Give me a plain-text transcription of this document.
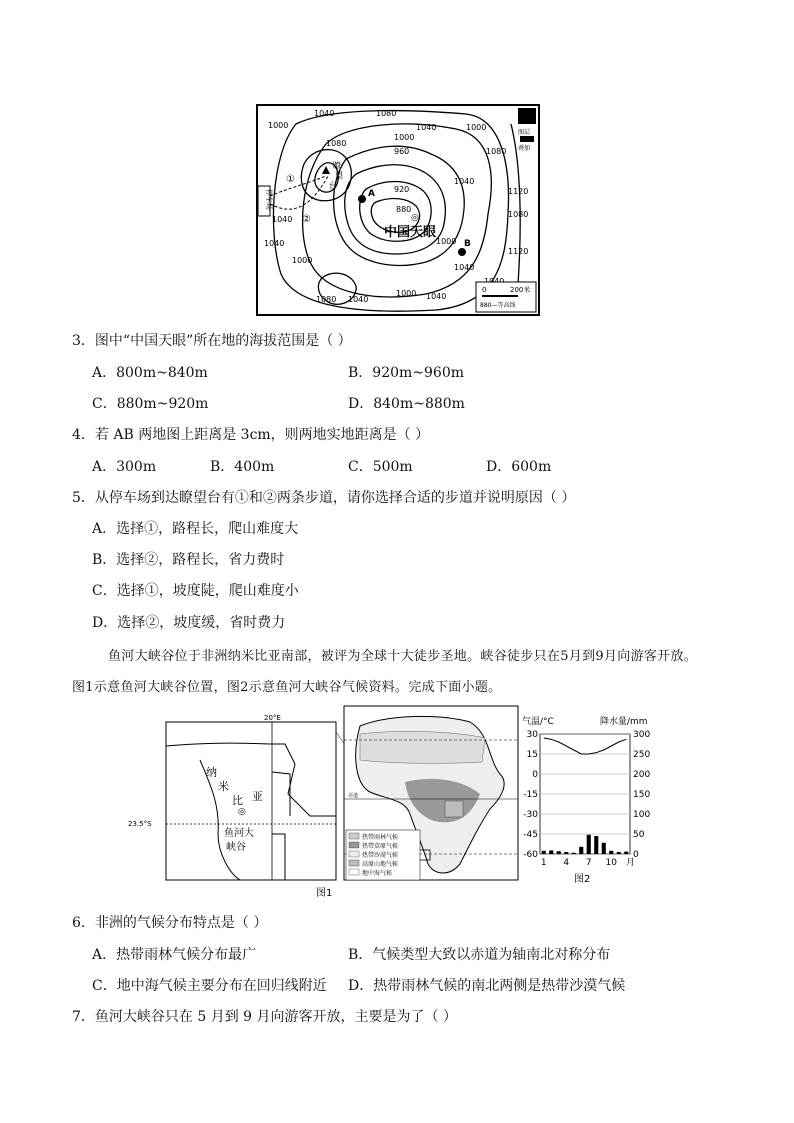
1000
1040	1080
1040	1000
1080
1000
960
1040
1120
1080
1120
1040
920
880
1040
1000 1040
1000
1040
1080
1040	1000
1080
瞭
望
台
停车场
①
②
A
B
◎
中国天眼
图层
叠加
0	200米
880—等高线
3．图中“中国天眼”所在地的海拔范围是（ ）
A．800m~840m	B．920m~960m
C．880m~920m	D．840m~880m
4．若 AB 两地图上距离是 3cm，则两地实地距离是（ ）
A．300m	B．400m	C．500m	D．600m
5．从停车场到达瞭望台有①和②两条步道，请你选择合适的步道并说明原因（ ）
A．选择①，路程长，爬山难度大
B．选择②，路程长，省力费时
C．选择①，坡度陡，爬山难度小
D．选择②，坡度缓，省时费力
鱼河大峡谷位于非洲纳米比亚南部，被评为全球十大徒步圣地。峡谷徒步只在5月到9月向游客开放。
图1示意鱼河大峡谷位置，图2示意鱼河大峡谷气候资料。完成下面小题。
20°E
23.5°S
纳
米
比 亚
◎
鱼河大
峡谷
赤道
热带雨林气候
热带草原气候
热带沙漠气候
高原山地气候
地中海气候
图1
气温/°C	降水量/mm
30
15
0
-15
-30
-45
-60
300
250
200
150
100
50
0
1 4 7 10 月
图2
6．非洲的气候分布特点是（ ）
A．热带雨林气候分布最广	B．气候类型大致以赤道为轴南北对称分布
C．地中海气候主要分布在回归线附近 D．热带雨林气候的南北两侧是热带沙漠气候
7．鱼河大峡谷只在 5 月到 9 月向游客开放，主要是为了（ ）
